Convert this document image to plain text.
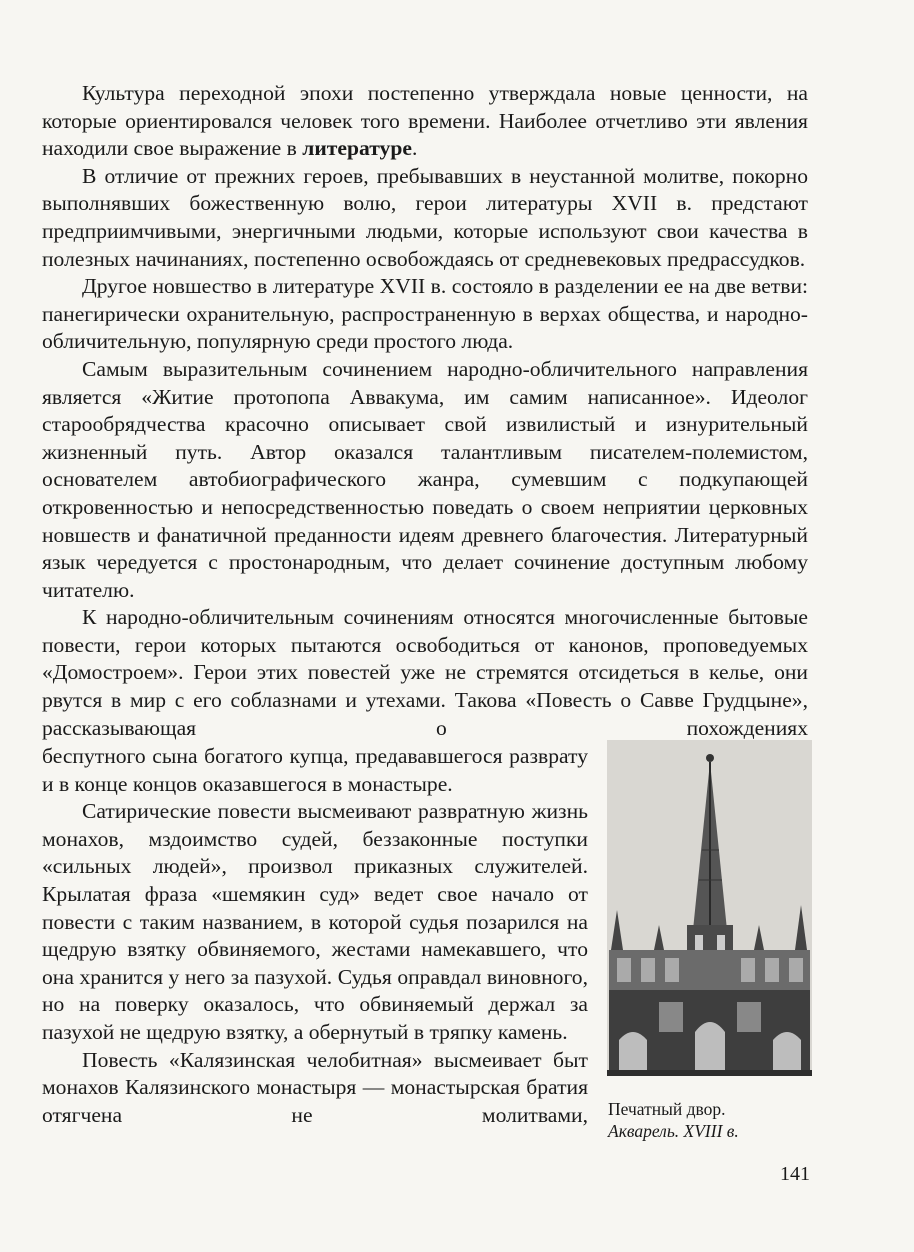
Культура переходной эпохи постепенно утверждала новые ценности, на которые ориентировался человек того времени. Наиболее отчетливо эти явления находили свое выражение в литературе.

В отличие от прежних героев, пребывавших в неустанной молитве, покорно выполнявших божественную волю, герои литературы XVII в. предстают предприимчивыми, энергичными людьми, которые используют свои качества в полезных начинаниях, постепенно освобождаясь от средневековых предрассудков.

Другое новшество в литературе XVII в. состояло в разделении ее на две ветви: панегирически охранительную, распространенную в верхах общества, и народно-обличительную, популярную среди простого люда.

Самым выразительным сочинением народно-обличительного направления является «Житие протопопа Аввакума, им самим написанное». Идеолог старообрядчества красочно описывает свой извилистый и изнурительный жизненный путь. Автор оказался талантливым писателем-полемистом, основателем автобиографического жанра, сумевшим с подкупающей откровенностью и непосредственностью поведать о своем неприятии церковных новшеств и фанатичной преданности идеям древнего благочестия. Литературный язык чередуется с простонародным, что делает сочинение доступным любому читателю.

К народно-обличительным сочинениям относятся многочисленные бытовые повести, герои которых пытаются освободиться от канонов, проповедуемых «Домостроем». Герои этих повестей уже не стремятся отсидеться в келье, они рвутся в мир с его соблазнами и утехами. Такова «Повесть о Савве Грудцыне», рассказывающая о похождениях

беспутного сына богатого купца, предававшегося разврату и в конце концов оказавшегося в монастыре.

Сатирические повести высмеивают развратную жизнь монахов, мздоимство судей, беззаконные поступки «сильных людей», произвол приказных служителей. Крылатая фраза «шемякин суд» ведет свое начало от повести с таким названием, в которой судья позарился на щедрую взятку обвиняемого, жестами намекавшего, что она хранится у него за пазухой. Судья оправдал виновного, но на поверку оказалось, что обвиняемый держал за пазухой не щедрую взятку, а обернутый в тряпку камень.

Повесть «Калязинская челобитная» высмеивает быт монахов Калязинского монастыря — монастырская братия отягчена не молитвами, Печатный двор.
Акварель. XVIII в.
141
